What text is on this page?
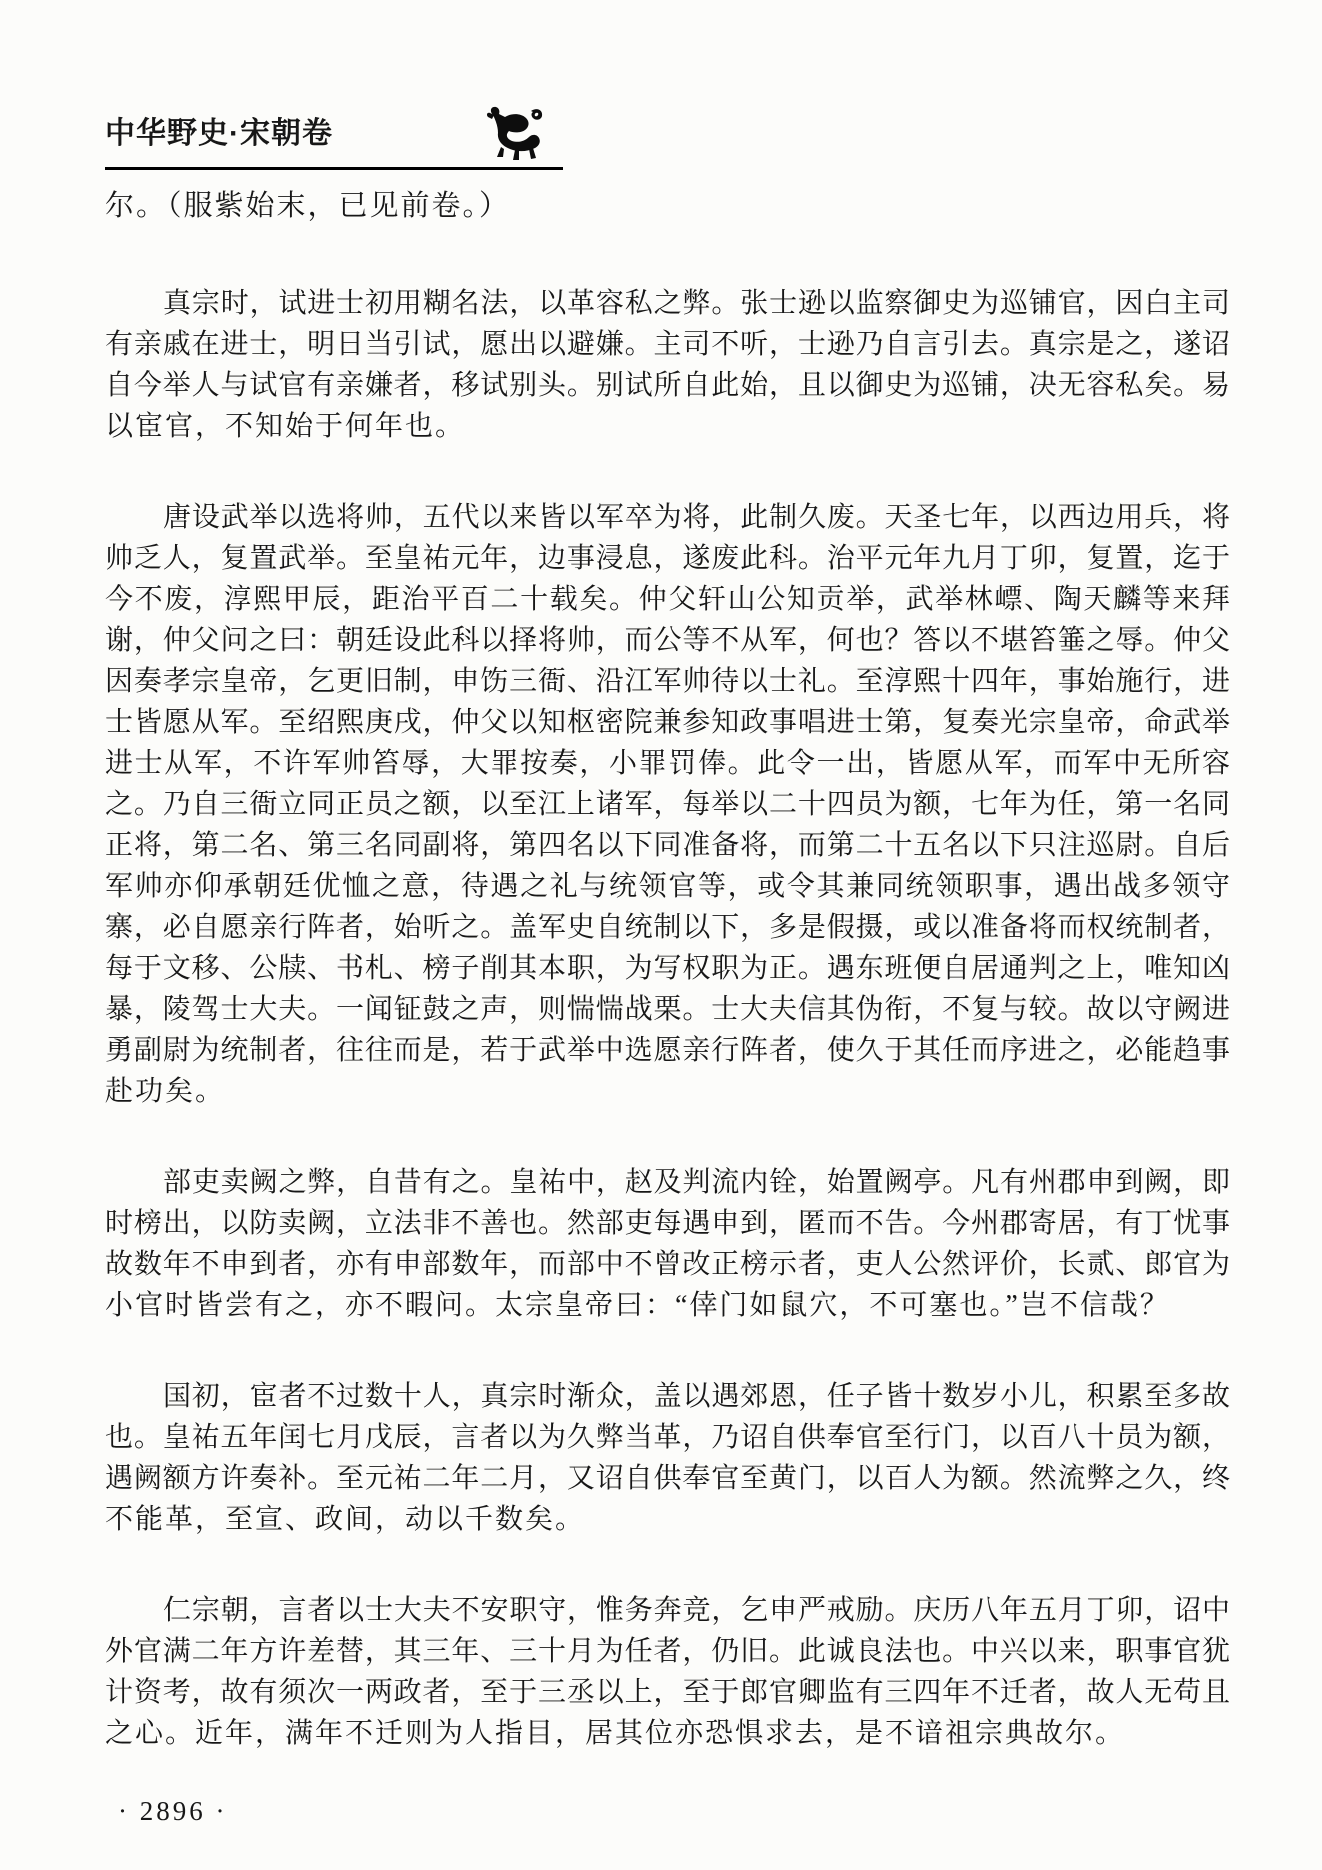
中华野史·宋朝卷
尔。（服紫始末，已见前卷。）
真宗时，试进士初用糊名法，以革容私之弊。张士逊以监察御史为巡铺官，因白主司
有亲戚在进士，明日当引试，愿出以避嫌。主司不听，士逊乃自言引去。真宗是之，遂诏
自今举人与试官有亲嫌者，移试别头。别试所自此始，且以御史为巡铺，决无容私矣。易
以宦官，不知始于何年也。
唐设武举以选将帅，五代以来皆以军卒为将，此制久废。天圣七年，以西边用兵，将
帅乏人，复置武举。至皇祐元年，边事浸息，遂废此科。治平元年九月丁卯，复置，迄于
今不废，淳熙甲辰，距治平百二十载矣。仲父轩山公知贡举，武举林㟽、陶天麟等来拜
谢，仲父问之曰：朝廷设此科以择将帅，而公等不从军，何也？答以不堪笞箠之辱。仲父
因奏孝宗皇帝，乞更旧制，申饬三衙、沿江军帅待以士礼。至淳熙十四年，事始施行，进
士皆愿从军。至绍熙庚戌，仲父以知枢密院兼参知政事唱进士第，复奏光宗皇帝，命武举
进士从军，不许军帅笞辱，大罪按奏，小罪罚俸。此令一出，皆愿从军，而军中无所容
之。乃自三衙立同正员之额，以至江上诸军，每举以二十四员为额，七年为任，第一名同
正将，第二名、第三名同副将，第四名以下同准备将，而第二十五名以下只注巡尉。自后
军帅亦仰承朝廷优恤之意，待遇之礼与统领官等，或令其兼同统领职事，遇出战多领守
寨，必自愿亲行阵者，始听之。盖军史自统制以下，多是假摄，或以准备将而权统制者，
每于文移、公牍、书札、榜子削其本职，为写权职为正。遇东班便自居通判之上，唯知凶
暴，陵驾士大夫。一闻钲鼓之声，则惴惴战栗。士大夫信其伪衔，不复与较。故以守阙进
勇副尉为统制者，往往而是，若于武举中选愿亲行阵者，使久于其任而序进之，必能趋事
赴功矣。
部吏卖阙之弊，自昔有之。皇祐中，赵及判流内铨，始置阙亭。凡有州郡申到阙，即
时榜出，以防卖阙，立法非不善也。然部吏每遇申到，匿而不告。今州郡寄居，有丁忧事
故数年不申到者，亦有申部数年，而部中不曾改正榜示者，吏人公然评价，长贰、郎官为
小官时皆尝有之，亦不暇问。太宗皇帝曰：“倖门如鼠穴，不可塞也。”岂不信哉？
国初，宦者不过数十人，真宗时渐众，盖以遇郊恩，任子皆十数岁小儿，积累至多故
也。皇祐五年闰七月戊辰，言者以为久弊当革，乃诏自供奉官至行门，以百八十员为额，
遇阙额方许奏补。至元祐二年二月，又诏自供奉官至黄门，以百人为额。然流弊之久，终
不能革，至宣、政间，动以千数矣。
仁宗朝，言者以士大夫不安职守，惟务奔竞，乞申严戒励。庆历八年五月丁卯，诏中
外官满二年方许差替，其三年、三十月为任者，仍旧。此诚良法也。中兴以来，职事官犹
计资考，故有须次一两政者，至于三丞以上，至于郎官卿监有三四年不迁者，故人无苟且
之心。近年，满年不迁则为人指目，居其位亦恐惧求去，是不谙祖宗典故尔。
· 2896 ·
